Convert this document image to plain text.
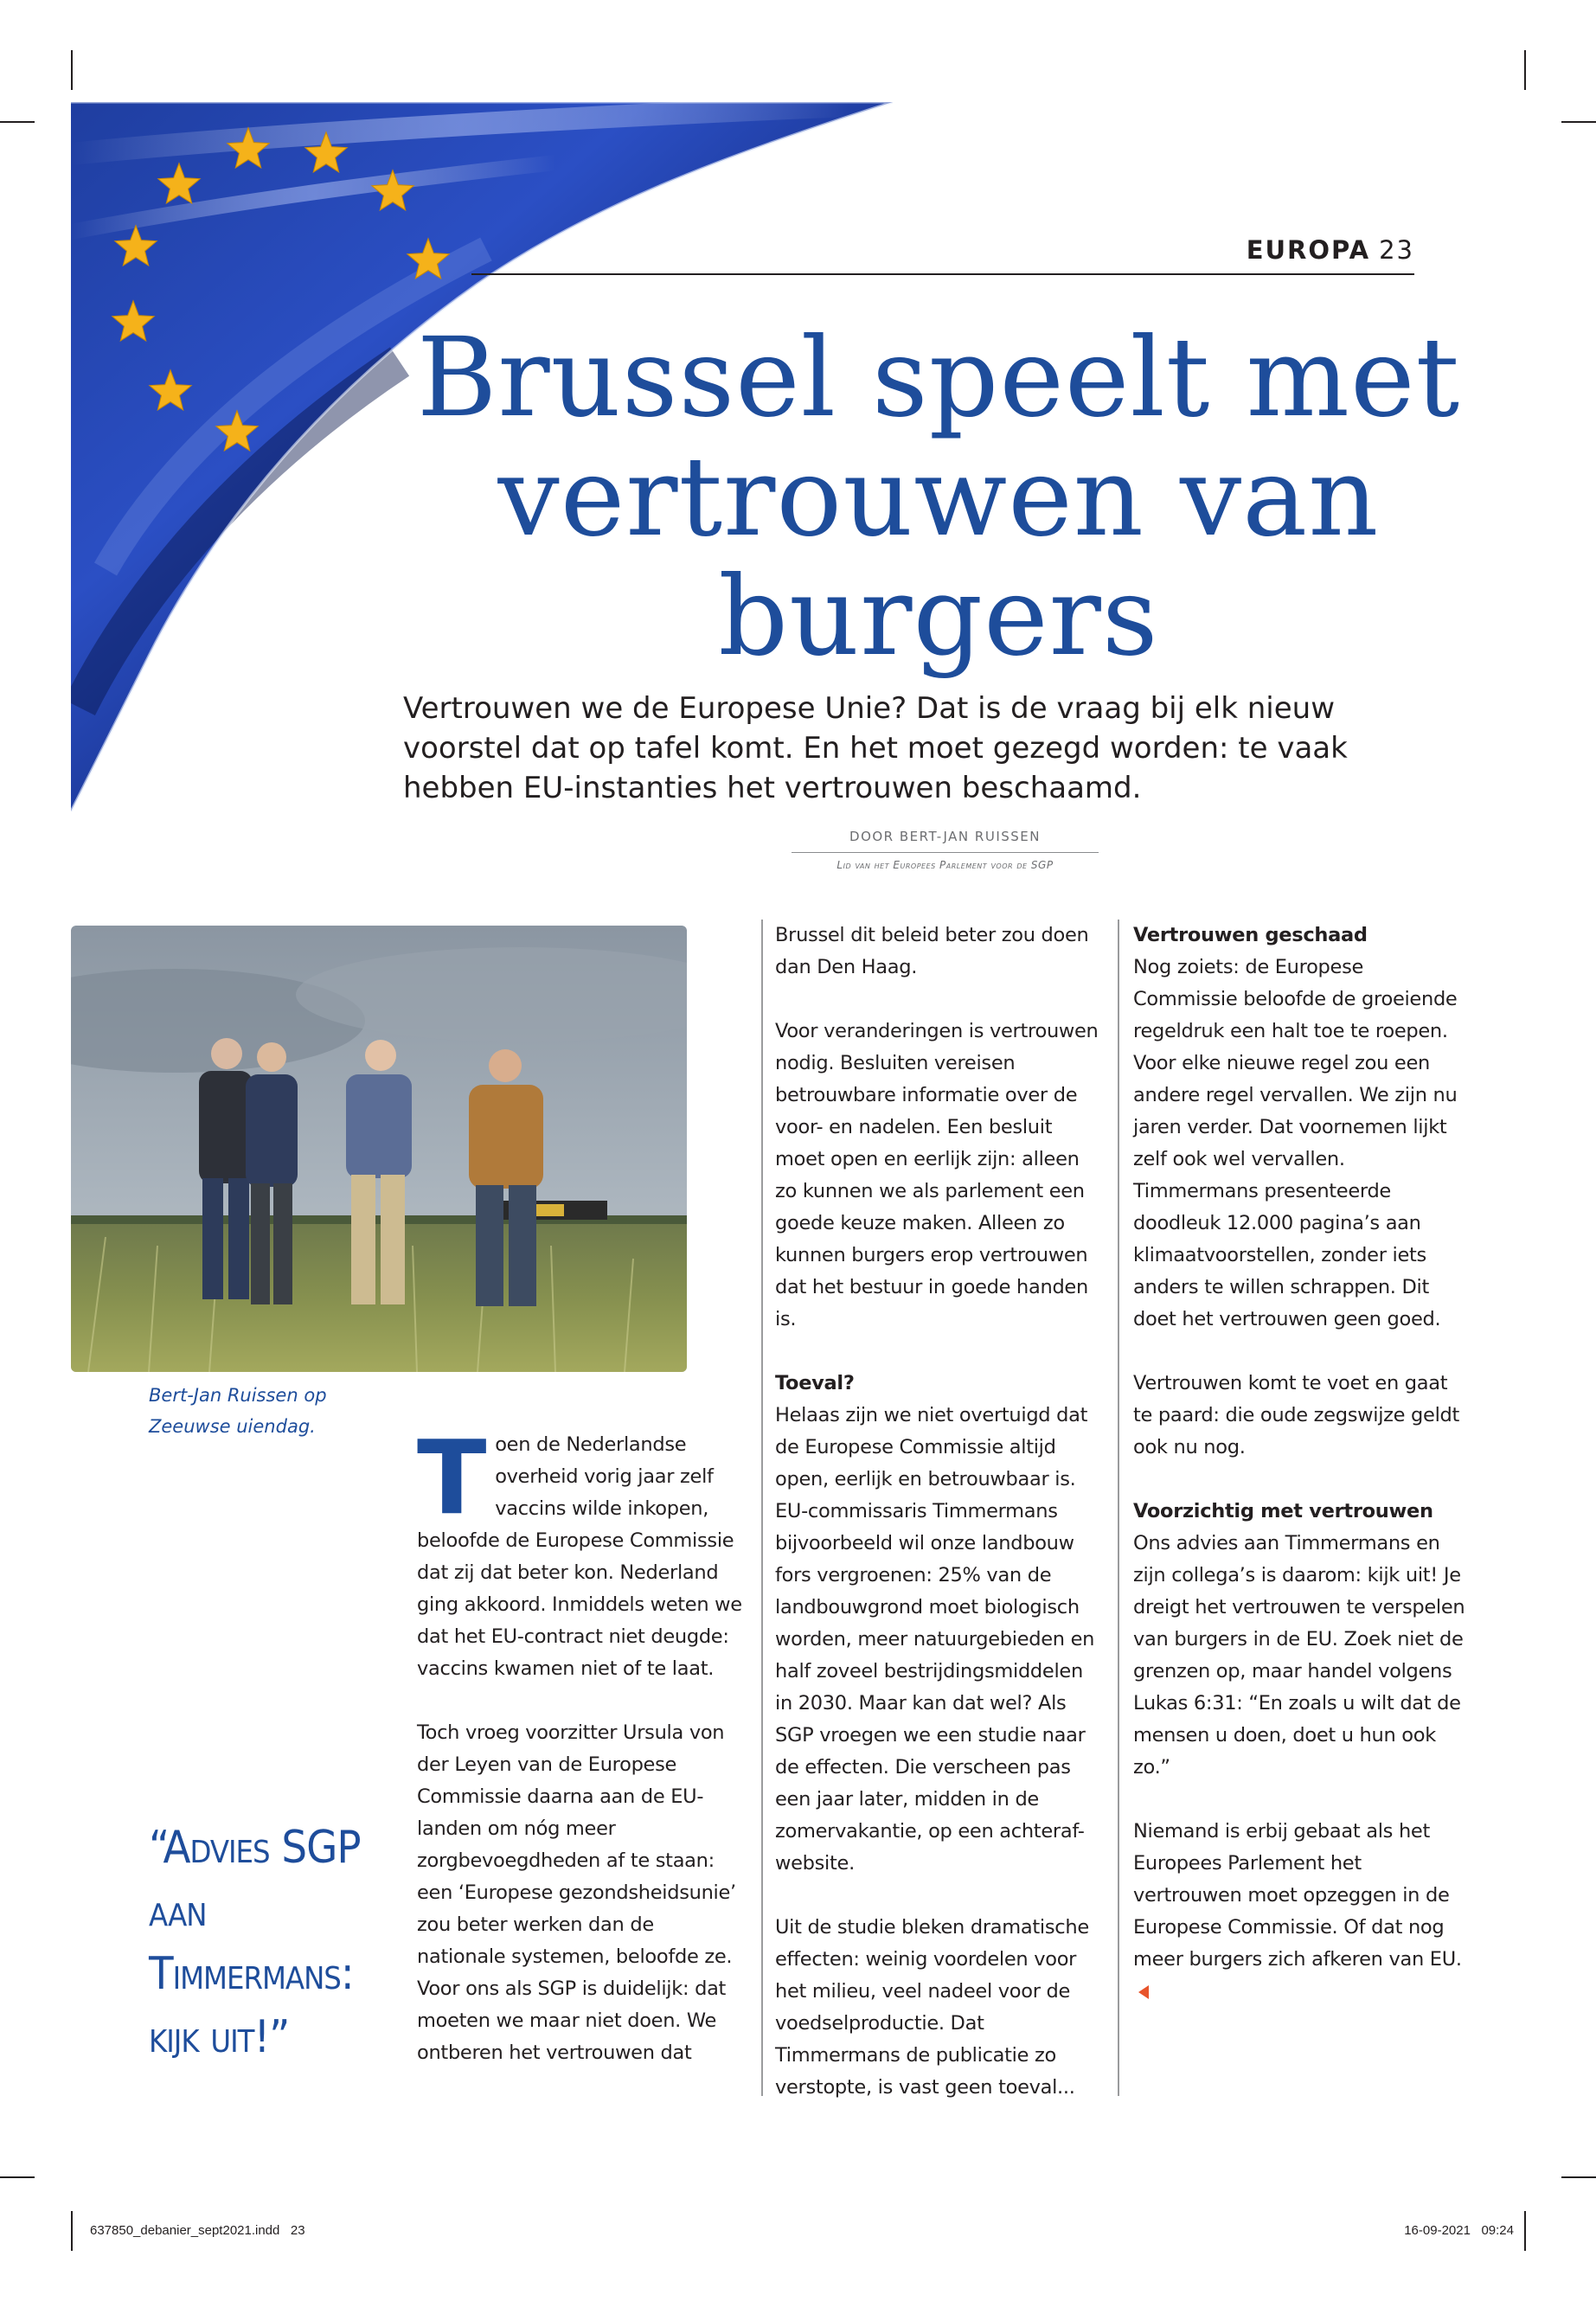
EUROPA 23
Brussel speelt met vertrouwen van burgers

Vertrouwen we de Europese Unie? Dat is de vraag bij elk nieuw voorstel dat op tafel komt. En het moet gezegd worden: te vaak hebben EU-instanties het vertrouwen beschaamd.

DOOR BERT-JAN RUISSEN
Lid van het Europees Parlement voor de SGP
Bert-Jan Ruissen op Zeeuwse uiendag.
“Advies SGP aan Timmermans: kijk uit!”
T oen de Nederlandse overheid vorig jaar zelf vaccins wilde inkopen, beloofde de Europese Commissie dat zij dat beter kon. Nederland ging akkoord. Inmiddels weten we dat het EU-contract niet deugde: vaccins kwamen niet of te laat.

Toch vroeg voorzitter Ursula von der Leyen van de Europese Commissie daarna aan de EU-landen om nóg meer zorgbevoegdheden af te staan: een ‘Europese gezondsheidsunie’ zou beter werken dan de nationale systemen, beloofde ze.

Voor ons als SGP is duidelijk: dat moeten we maar niet doen. We ontberen het vertrouwen dat

Brussel dit beleid beter zou doen dan Den Haag.

Voor veranderingen is vertrouwen nodig. Besluiten vereisen betrouwbare informatie over de voor- en nadelen. Een besluit moet open en eerlijk zijn: alleen zo kunnen we als parlement een goede keuze maken. Alleen zo kunnen burgers erop vertrouwen dat het bestuur in goede handen is.

Toeval?

Helaas zijn we niet overtuigd dat de Europese Commissie altijd open, eerlijk en betrouwbaar is. EU-commissaris Timmermans bijvoorbeeld wil onze landbouw fors vergroenen: 25% van de landbouwgrond moet biologisch worden, meer natuurgebieden en half zoveel bestrijdingsmiddelen in 2030. Maar kan dat wel? Als SGP vroegen we een studie naar de effecten. Die verscheen pas een jaar later, midden in de zomervakantie, op een achteraf-website.

Uit de studie bleken dramatische effecten: weinig voordelen voor het milieu, veel nadeel voor de voedselproductie. Dat Timmermans de publicatie zo verstopte, is vast geen toeval...

Vertrouwen geschaad

Nog zoiets: de Europese Commissie beloofde de groeiende regeldruk een halt toe te roepen. Voor elke nieuwe regel zou een andere regel vervallen. We zijn nu jaren verder. Dat voornemen lijkt zelf ook wel vervallen. Timmermans presenteerde doodleuk 12.000 pagina’s aan klimaatvoorstellen, zonder iets anders te willen schrappen. Dit doet het vertrouwen geen goed.

Vertrouwen komt te voet en gaat te paard: die oude zegswijze geldt ook nu nog.

Voorzichtig met vertrouwen

Ons advies aan Timmermans en zijn collega’s is daarom: kijk uit! Je dreigt het vertrouwen te verspelen van burgers in de EU. Zoek niet de grenzen op, maar handel volgens Lukas 6:31: “En zoals u wilt dat de mensen u doen, doet u hun ook zo.”

Niemand is erbij gebaat als het Europees Parlement het vertrouwen moet opzeggen in de Europese Commissie. Of dat nog meer burgers zich afkeren van EU.

637850_debanier_sept2021.indd   23	16-09-2021   09:24
